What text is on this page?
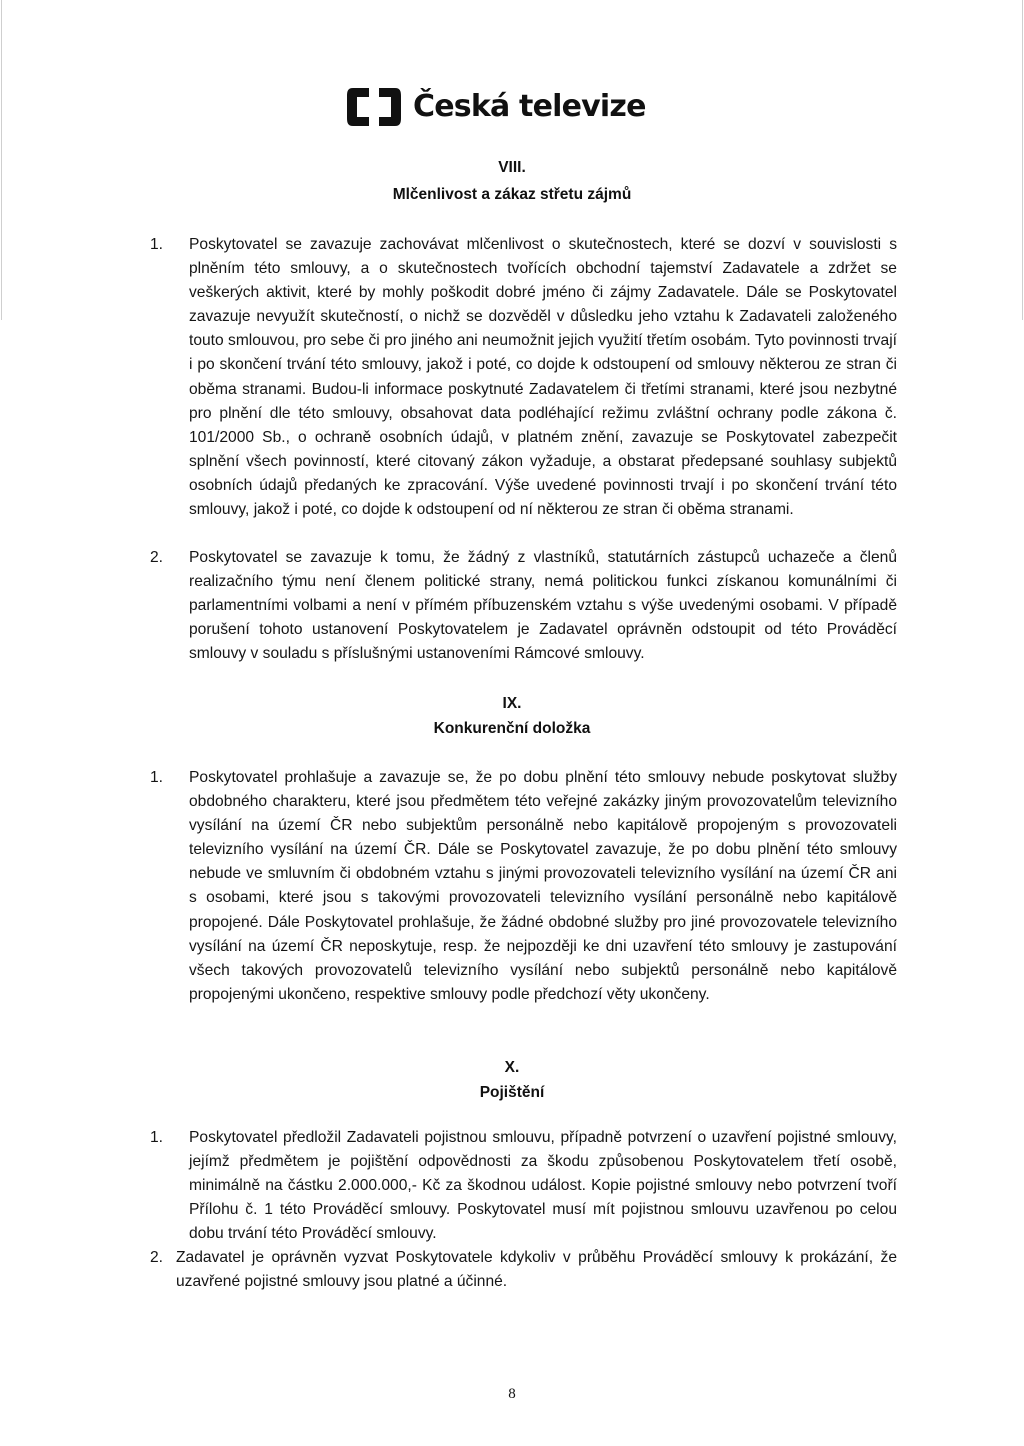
Česká televize
VIII.
Mlčenlivost a zákaz střetu zájmů
1. Poskytovatel se zavazuje zachovávat mlčenlivost o skutečnostech, které se dozví v souvislosti s plněním této smlouvy, a o skutečnostech tvořících obchodní tajemství Zadavatele a zdržet se veškerých aktivit, které by mohly poškodit dobré jméno či zájmy Zadavatele. Dále se Poskytovatel zavazuje nevyužít skutečností, o nichž se dozvěděl v důsledku jeho vztahu k Zadavateli založeného touto smlouvou, pro sebe či pro jiného ani neumožnit jejich využití třetím osobám. Tyto povinnosti trvají i po skončení trvání této smlouvy, jakož i poté, co dojde k odstoupení od smlouvy některou ze stran či oběma stranami. Budou-li informace poskytnuté Zadavatelem či třetími stranami, které jsou nezbytné pro plnění dle této smlouvy, obsahovat data podléhající režimu zvláštní ochrany podle zákona č. 101/2000 Sb., o ochraně osobních údajů, v platném znění, zavazuje se Poskytovatel zabezpečit splnění všech povinností, které citovaný zákon vyžaduje, a obstarat předepsané souhlasy subjektů osobních údajů předaných ke zpracování. Výše uvedené povinnosti trvají i po skončení trvání této smlouvy, jakož i poté, co dojde k odstoupení od ní některou ze stran či oběma stranami.
2. Poskytovatel se zavazuje k tomu, že žádný z vlastníků, statutárních zástupců uchazeče a členů realizačního týmu není členem politické strany, nemá politickou funkci získanou komunálními či parlamentními volbami a není v přímém příbuzenském vztahu s výše uvedenými osobami. V případě porušení tohoto ustanovení Poskytovatelem je Zadavatel oprávněn odstoupit od této Prováděcí smlouvy v souladu s příslušnými ustanoveními Rámcové smlouvy.
IX.
Konkurenční doložka
1. Poskytovatel prohlašuje a zavazuje se, že po dobu plnění této smlouvy nebude poskytovat služby obdobného charakteru, které jsou předmětem této veřejné zakázky jiným provozovatelům televizního vysílání na území ČR nebo subjektům personálně nebo kapitálově propojeným s provozovateli televizního vysílání na území ČR. Dále se Poskytovatel zavazuje, že po dobu plnění této smlouvy nebude ve smluvním či obdobném vztahu s jinými provozovateli televizního vysílání na území ČR ani s osobami, které jsou s takovými provozovateli televizního vysílání personálně nebo kapitálově propojené. Dále Poskytovatel prohlašuje, že žádné obdobné služby pro jiné provozovatele televizního vysílání na území ČR neposkytuje, resp. že nejpozději ke dni uzavření této smlouvy je zastupování všech takových provozovatelů televizního vysílání nebo subjektů personálně nebo kapitálově propojenými ukončeno, respektive smlouvy podle předchozí věty ukončeny.
X.
Pojištění
1. Poskytovatel předložil Zadavateli pojistnou smlouvu, případně potvrzení o uzavření pojistné smlouvy, jejímž předmětem je pojištění odpovědnosti za škodu způsobenou Poskytovatelem třetí osobě, minimálně na částku 2.000.000,- Kč za škodnou událost. Kopie pojistné smlouvy nebo potvrzení tvoří Přílohu č. 1 této Prováděcí smlouvy. Poskytovatel musí mít pojistnou smlouvu uzavřenou po celou dobu trvání této Prováděcí smlouvy.
2. Zadavatel je oprávněn vyzvat Poskytovatele kdykoliv v průběhu Prováděcí smlouvy k prokázání, že uzavřené pojistné smlouvy jsou platné a účinné.
8
